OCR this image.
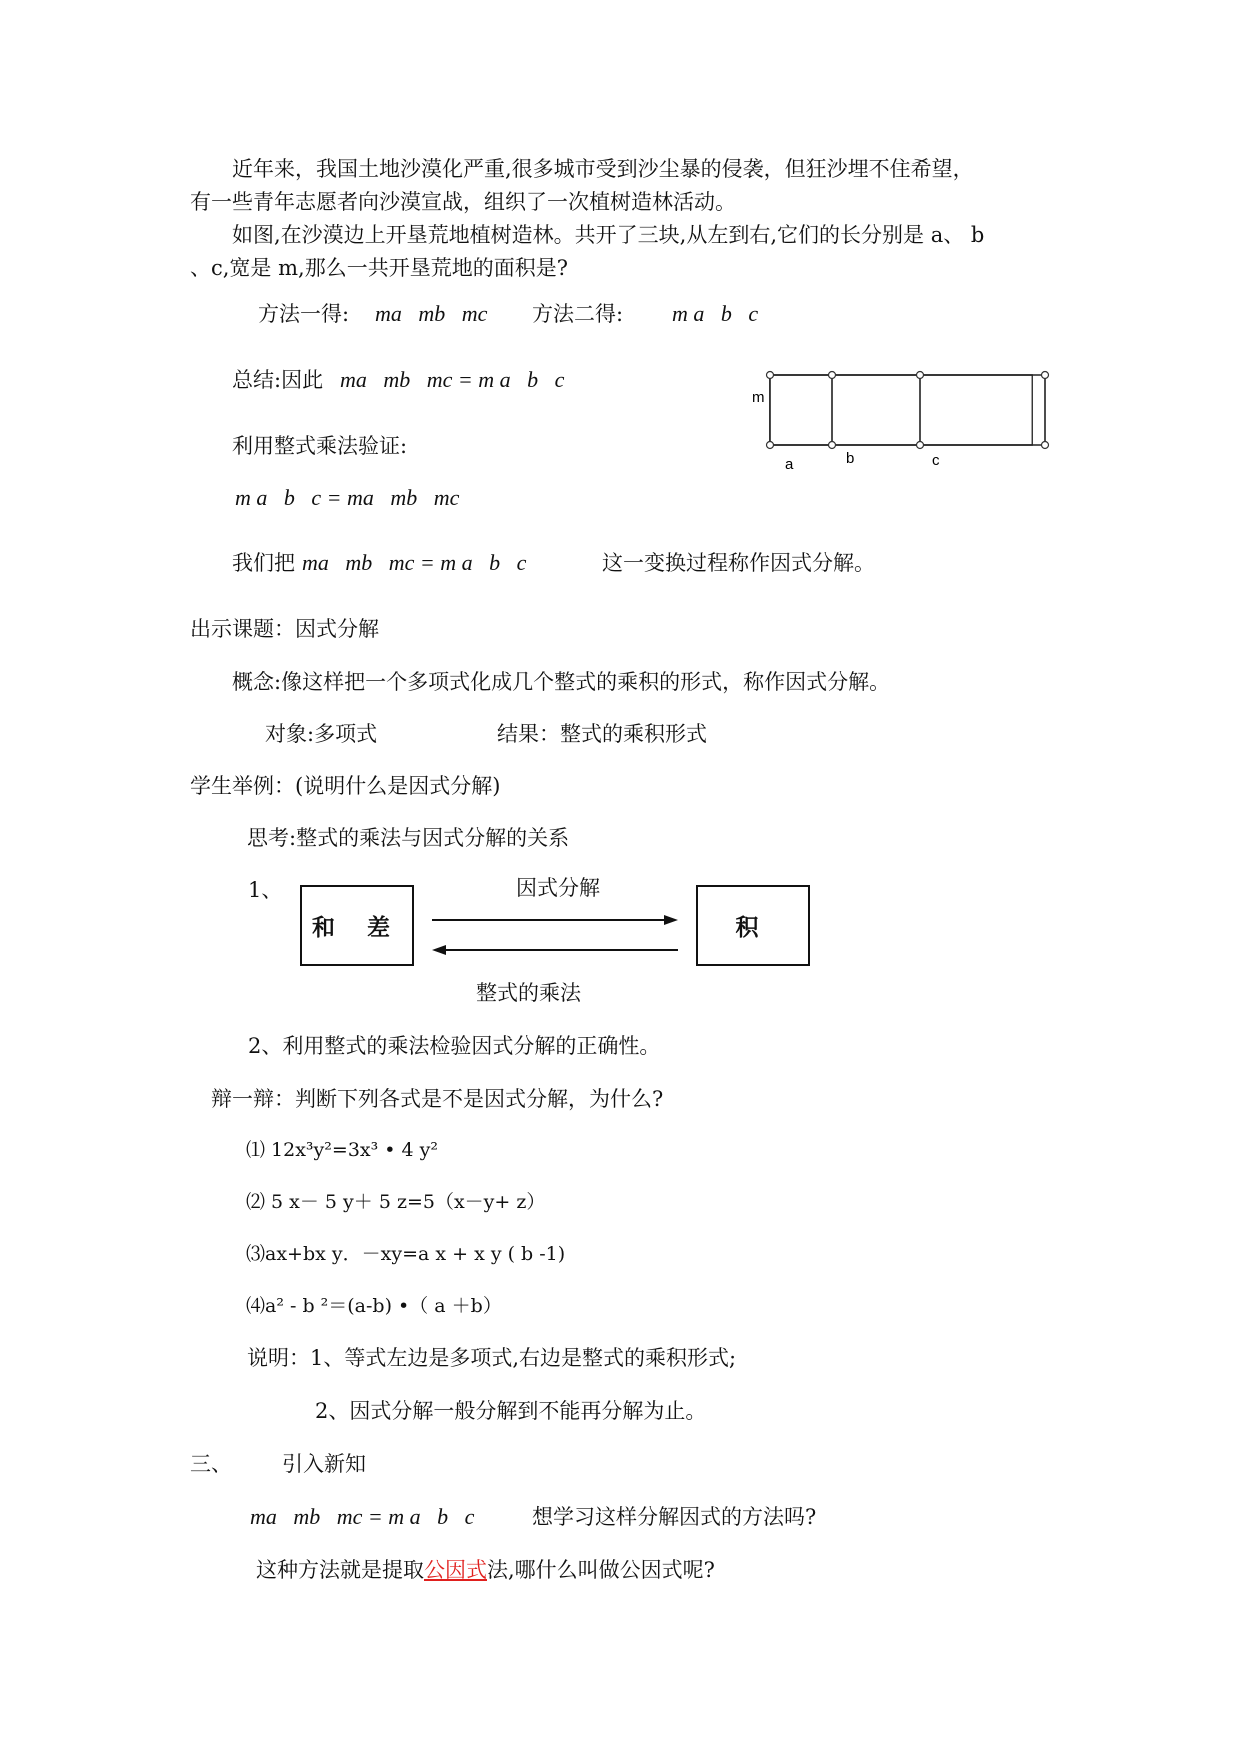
近年来，我国土地沙漠化严重,很多城市受到沙尘暴的侵袭，但狂沙埋不住希望，
有一些青年志愿者向沙漠宣战，组织了一次植树造林活动。
如图,在沙漠边上开垦荒地植树造林。共开了三块,从左到右,它们的长分别是 a、 b
、c,宽是 m,那么一共开垦荒地的面积是?
方法一得: ma   mb   mc 方法二得: m a   b   c
总结:因此 ma   mb   mc = m a   b   c
m
a	b	c
利用整式乘法验证:
m a   b   c = ma   mb   mc
我们把 ma   mb   mc = m a   b   c	这一变换过程称作因式分解。
出示课题：因式分解
概念:像这样把一个多项式化成几个整式的乘积的形式，称作因式分解。
对象:多项式	结果：整式的乘积形式
学生举例：(说明什么是因式分解)
思考:整式的乘法与因式分解的关系
1、
和 差	积
因式分解
整式的乘法
2、利用整式的乘法检验因式分解的正确性。
辩一辩：判断下列各式是不是因式分解，为什么?
⑴ 12x³y²=3x³ • 4 y²
⑵ 5 x－ 5 y＋ 5 z=5（x－y+ z）
⑶ax+bx y．－xy=a x + x y ( b -1)
⑷a² - b ²＝(a-b) •（ a ＋b）
说明：1、等式左边是多项式,右边是整式的乘积形式;
2、因式分解一般分解到不能再分解为止。
三、 引入新知
ma   mb   mc = m a   b   c	想学习这样分解因式的方法吗?
这种方法就是提取公因式法,哪什么叫做公因式呢?
